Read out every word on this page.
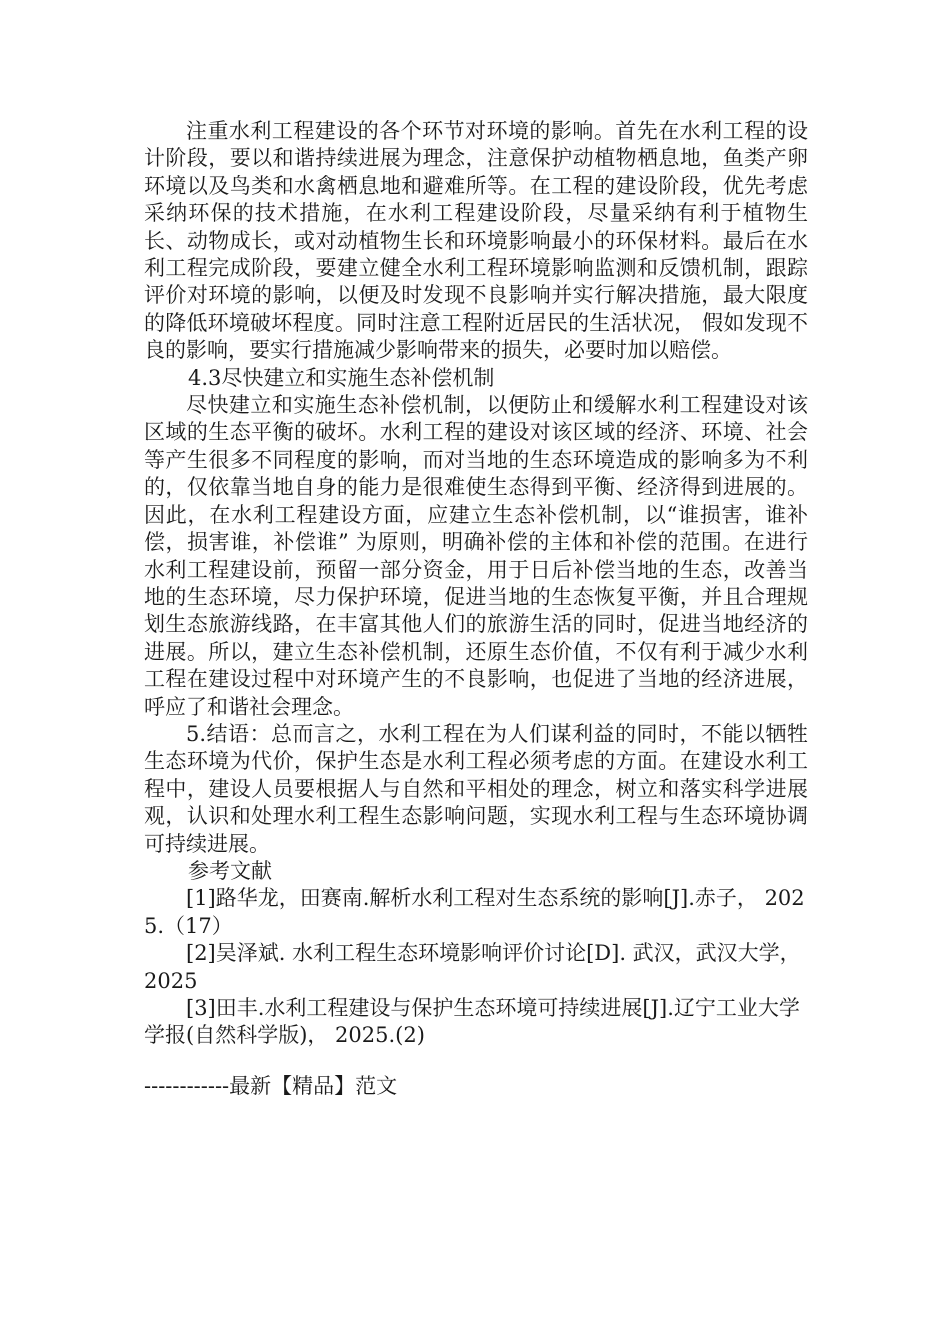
注重水利工程建设的各个环节对环境的影响。首先在水利工程的设计阶段，要以和谐持续进展为理念，注意保护动植物栖息地，鱼类产卵环境以及鸟类和水禽栖息地和避难所等。在工程的建设阶段，优先考虑采纳环保的技术措施，在水利工程建设阶段，尽量采纳有利于植物生长、动物成长，或对动植物生长和环境影响最小的环保材料。最后在水利工程完成阶段，要建立健全水利工程环境影响监测和反馈机制，跟踪评价对环境的影响，以便及时发现不良影响并实行解决措施，最大限度的降低环境破坏程度。同时注意工程附近居民的生活状况， 假如发现不良的影响，要实行措施减少影响带来的损失，必要时加以赔偿。

4.3尽快建立和实施生态补偿机制

尽快建立和实施生态补偿机制，以便防止和缓解水利工程建设对该区域的生态平衡的破坏。水利工程的建设对该区域的经济、环境、社会等产生很多不同程度的影响，而对当地的生态环境造成的影响多为不利的，仅依靠当地自身的能力是很难使生态得到平衡、经济得到进展的。因此，在水利工程建设方面，应建立生态补偿机制，以“谁损害，谁补偿，损害谁，补偿谁” 为原则，明确补偿的主体和补偿的范围。在进行水利工程建设前，预留一部分资金，用于日后补偿当地的生态，改善当地的生态环境，尽力保护环境，促进当地的生态恢复平衡，并且合理规划生态旅游线路，在丰富其他人们的旅游生活的同时，促进当地经济的进展。所以，建立生态补偿机制，还原生态价值，不仅有利于减少水利工程在建设过程中对环境产生的不良影响，也促进了当地的经济进展，呼应了和谐社会理念。

5.结语：总而言之，水利工程在为人们谋利益的同时，不能以牺牲生态环境为代价，保护生态是水利工程必须考虑的方面。在建设水利工程中，建设人员要根据人与自然和平相处的理念，树立和落实科学进展观，认识和处理水利工程生态影响问题，实现水利工程与生态环境协调可持续进展。

参考文献

[1]路华龙，田赛南.解析水利工程对生态系统的影响[J].赤子， 2025.（17）

[2]吴泽斌. 水利工程生态环境影响评价讨论[D]. 武汉，武汉大学，2025

[3]田丰.水利工程建设与保护生态环境可持续进展[J].辽宁工业大学学报(自然科学版)， 2025.(2)

------------最新【精品】范文
